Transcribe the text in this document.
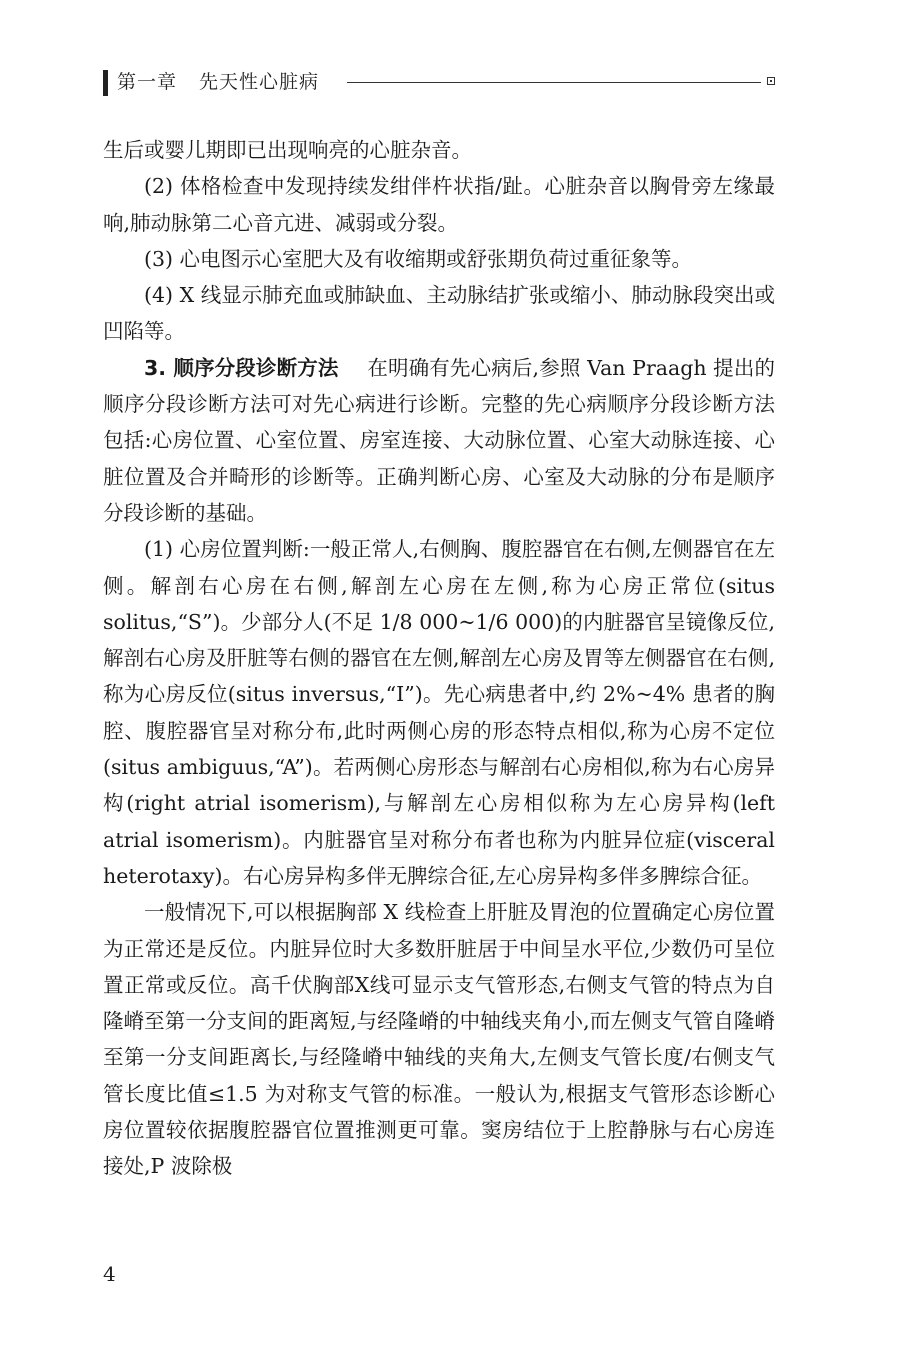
第一章 先天性心脏病

生后或婴儿期即已出现响亮的心脏杂音。

(2) 体格检查中发现持续发绀伴杵状指/趾。心脏杂音以胸骨旁左缘最响,肺动脉第二心音亢进、减弱或分裂。

(3) 心电图示心室肥大及有收缩期或舒张期负荷过重征象等。

(4) X 线显示肺充血或肺缺血、主动脉结扩张或缩小、肺动脉段突出或凹陷等。

3. 顺序分段诊断方法 在明确有先心病后,参照 Van Praagh 提出的顺序分段诊断方法可对先心病进行诊断。完整的先心病顺序分段诊断方法包括:心房位置、心室位置、房室连接、大动脉位置、心室大动脉连接、心脏位置及合并畸形的诊断等。正确判断心房、心室及大动脉的分布是顺序分段诊断的基础。

(1) 心房位置判断:一般正常人,右侧胸、腹腔器官在右侧,左侧器官在左侧。解剖右心房在右侧,解剖左心房在左侧,称为心房正常位(situs solitus,“S”)。少部分人(不足 1/8 000~1/6 000)的内脏器官呈镜像反位,解剖右心房及肝脏等右侧的器官在左侧,解剖左心房及胃等左侧器官在右侧,称为心房反位(situs inversus,“I”)。先心病患者中,约 2%~4% 患者的胸腔、腹腔器官呈对称分布,此时两侧心房的形态特点相似,称为心房不定位(situs ambiguus,“A”)。若两侧心房形态与解剖右心房相似,称为右心房异构(right atrial isomerism),与解剖左心房相似称为左心房异构(left atrial isomerism)。内脏器官呈对称分布者也称为内脏异位症(visceral heterotaxy)。右心房异构多伴无脾综合征,左心房异构多伴多脾综合征。

一般情况下,可以根据胸部 X 线检查上肝脏及胃泡的位置确定心房位置为正常还是反位。内脏异位时大多数肝脏居于中间呈水平位,少数仍可呈位置正常或反位。高千伏胸部X线可显示支气管形态,右侧支气管的特点为自隆嵴至第一分支间的距离短,与经隆嵴的中轴线夹角小,而左侧支气管自隆嵴至第一分支间距离长,与经隆嵴中轴线的夹角大,左侧支气管长度/右侧支气管长度比值≤1.5 为对称支气管的标准。一般认为,根据支气管形态诊断心房位置较依据腹腔器官位置推测更可靠。窦房结位于上腔静脉与右心房连接处,P 波除极

4
